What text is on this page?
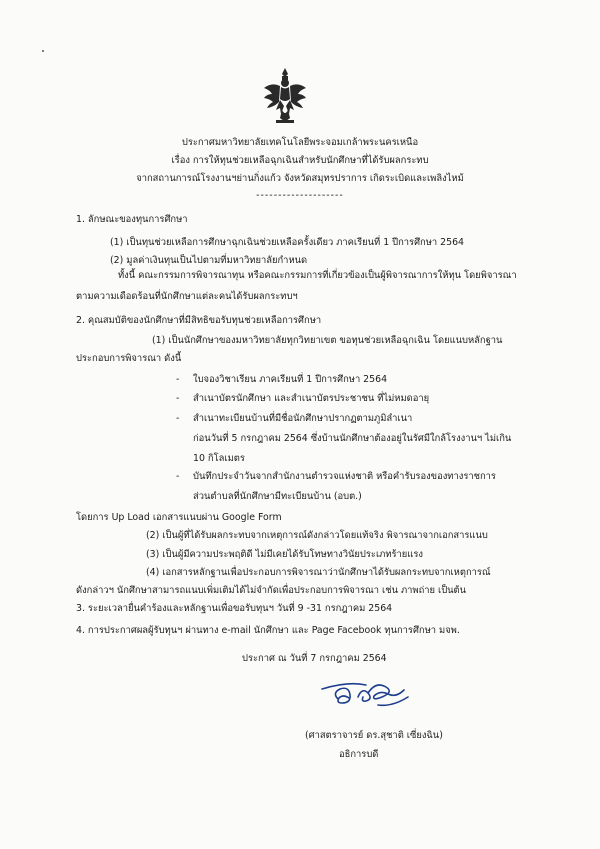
ประกาศมหาวิทยาลัยเทคโนโลยีพระจอมเกล้าพระนครเหนือ
เรื่อง การให้ทุนช่วยเหลือฉุกเฉินสำหรับนักศึกษาที่ได้รับผลกระทบ
จากสถานการณ์โรงงานฯย่านกิ่งแก้ว จังหวัดสมุทรปราการ เกิดระเบิดและเพลิงไหม้
--------------------
1. ลักษณะของทุนการศึกษา
(1) เป็นทุนช่วยเหลือการศึกษาฉุกเฉินช่วยเหลือครั้งเดียว ภาคเรียนที่ 1 ปีการศึกษา 2564
(2) มูลค่าเงินทุนเป็นไปตามที่มหาวิทยาลัยกำหนด
ทั้งนี้ คณะกรรมการพิจารณาทุน หรือคณะกรรมการที่เกี่ยวข้องเป็นผู้พิจารณาการให้ทุน โดยพิจารณา
ตามความเดือดร้อนที่นักศึกษาแต่ละคนได้รับผลกระทบฯ
2. คุณสมบัติของนักศึกษาที่มีสิทธิขอรับทุนช่วยเหลือการศึกษา
(1) เป็นนักศึกษาของมหาวิทยาลัยทุกวิทยาเขต ขอทุนช่วยเหลือฉุกเฉิน โดยแนบหลักฐาน
ประกอบการพิจารณา ดังนี้
- ใบจองวิชาเรียน ภาคเรียนที่ 1 ปีการศึกษา 2564
- สำเนาบัตรนักศึกษา และสำเนาบัตรประชาชน ที่ไม่หมดอายุ
- สำเนาทะเบียนบ้านที่มีชื่อนักศึกษาปรากฏตามภูมิลำเนา
ก่อนวันที่ 5 กรกฎาคม 2564 ซึ่งบ้านนักศึกษาต้องอยู่ในรัศมีใกล้โรงงานฯ ไม่เกิน
10 กิโลเมตร
- บันทึกประจำวันจากสำนักงานตำรวจแห่งชาติ หรือคำรับรองของทางราชการ
ส่วนตำบลที่นักศึกษามีทะเบียนบ้าน (อบต.)
โดยการ Up Load เอกสารแนบผ่าน Google Form
(2) เป็นผู้ที่ได้รับผลกระทบจากเหตุการณ์ดังกล่าวโดยแท้จริง พิจารณาจากเอกสารแนบ
(3) เป็นผู้มีความประพฤติดี ไม่มีเคยได้รับโทษทางวินัยประเภทร้ายแรง
(4) เอกสารหลักฐานเพื่อประกอบการพิจารณาว่านักศึกษาได้รับผลกระทบจากเหตุการณ์
ดังกล่าวฯ นักศึกษาสามารถแนบเพิ่มเติมได้ไม่จำกัดเพื่อประกอบการพิจารณา เช่น ภาพถ่าย เป็นต้น
3. ระยะเวลายื่นคำร้องและหลักฐานเพื่อขอรับทุนฯ วันที่ 9 -31 กรกฎาคม 2564
4. การประกาศผลผู้รับทุนฯ ผ่านทาง e-mail นักศึกษา และ Page Facebook ทุนการศึกษา มจพ.
ประกาศ ณ วันที่ 7 กรกฎาคม 2564
(ศาสตราจารย์ ดร.สุชาติ เซี่ยงฉิน)
อธิการบดี
